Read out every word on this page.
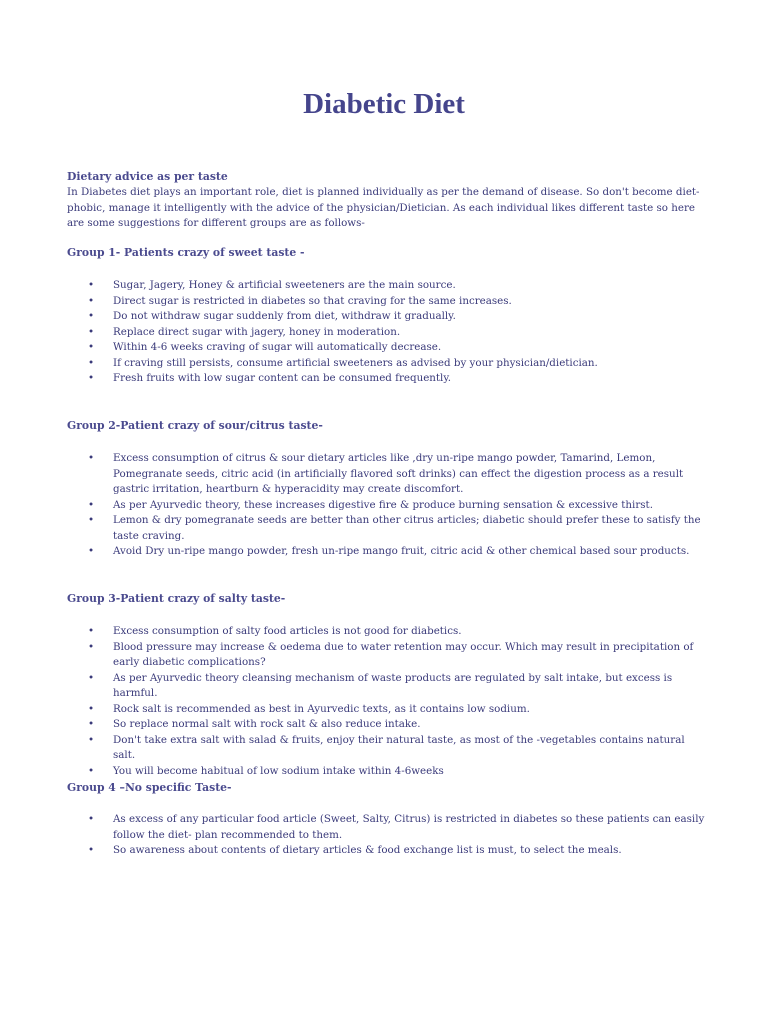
Diabetic Diet

Dietary advice as per taste

In Diabetes diet plays an important role, diet is planned individually as per the demand of disease. So don't become diet-phobic, manage it intelligently with the advice of the physician/Dietician. As each individual likes different taste so here are some suggestions for different groups are as follows-

Group 1- Patients crazy of sweet taste -

• Sugar, Jagery, Honey & artificial sweeteners are the main source.
• Direct sugar is restricted in diabetes so that craving for the same increases.
• Do not withdraw sugar suddenly from diet, withdraw it gradually.
• Replace direct sugar with jagery, honey in moderation.
• Within 4-6 weeks craving of sugar will automatically decrease.
• If craving still persists, consume artificial sweeteners as advised by your physician/dietician.
• Fresh fruits with low sugar content can be consumed frequently.

Group 2-Patient crazy of sour/citrus taste-

• Excess consumption of citrus & sour dietary articles like ,dry un-ripe mango powder, Tamarind, Lemon, Pomegranate seeds, citric acid (in artificially flavored soft drinks) can effect the digestion process as a result gastric irritation, heartburn & hyperacidity may create discomfort.
• As per Ayurvedic theory, these increases digestive fire & produce burning sensation & excessive thirst.
• Lemon & dry pomegranate seeds are better than other citrus articles; diabetic should prefer these to satisfy the taste craving.
• Avoid Dry un-ripe mango powder, fresh un-ripe mango fruit, citric acid & other chemical based sour products.

Group 3-Patient crazy of salty taste-

• Excess consumption of salty food articles is not good for diabetics.
• Blood pressure may increase & oedema due to water retention may occur. Which may result in precipitation of early diabetic complications?
• As per Ayurvedic theory cleansing mechanism of waste products are regulated by salt intake, but excess is harmful.
• Rock salt is recommended as best in Ayurvedic texts, as it contains low sodium.
• So replace normal salt with rock salt & also reduce intake.
• Don't take extra salt with salad & fruits, enjoy their natural taste, as most of the -vegetables contains natural salt.
• You will become habitual of low sodium intake within 4-6weeks

Group 4 –No specific Taste-

• As excess of any particular food article (Sweet, Salty, Citrus) is restricted in diabetes so these patients can easily follow the diet- plan recommended to them.
• So awareness about contents of dietary articles & food exchange list is must, to select the meals.
